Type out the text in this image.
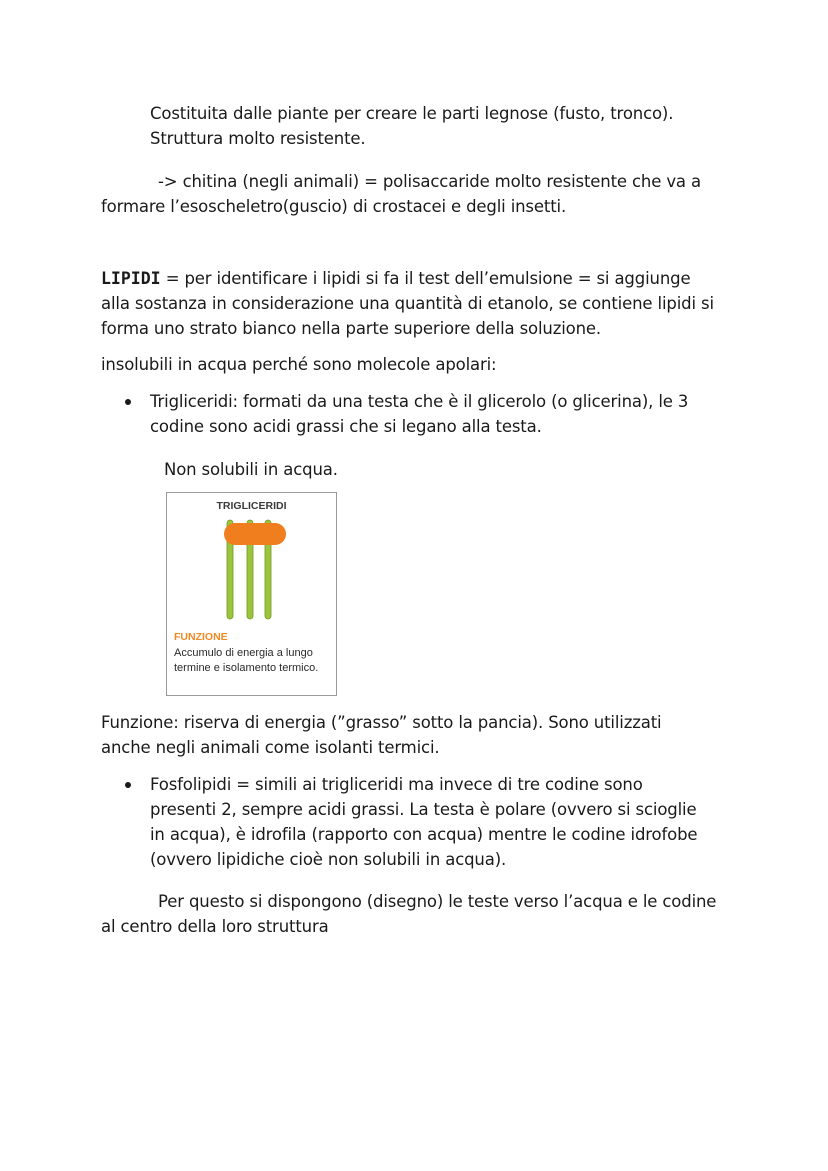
Costituita dalle piante per creare le parti legnose (fusto, tronco).
Struttura molto resistente.
-> chitina (negli animali) = polisaccaride molto resistente che va a
formare l’esoscheletro(guscio) di crostacei e degli insetti.
LIPIDI = per identificare i lipidi si fa il test dell’emulsione = si aggiunge
alla sostanza in considerazione una quantità di etanolo, se contiene lipidi si
forma uno strato bianco nella parte superiore della soluzione.
insolubili in acqua perché sono molecole apolari:
Trigliceridi: formati da una testa che è il glicerolo (o glicerina), le 3
codine sono acidi grassi che si legano alla testa.
Non solubili in acqua.
TRIGLICERIDI
FUNZIONE
Accumulo di energia a lungo termine e isolamento termico.
Funzione: riserva di energia (”grasso” sotto la pancia). Sono utilizzati
anche negli animali come isolanti termici.
Fosfolipidi = simili ai trigliceridi ma invece di tre codine sono
presenti 2, sempre acidi grassi. La testa è polare (ovvero si scioglie
in acqua), è idrofila (rapporto con acqua) mentre le codine idrofobe
(ovvero lipidiche cioè non solubili in acqua).
Per questo si dispongono (disegno) le teste verso l’acqua e le codine
al centro della loro struttura
